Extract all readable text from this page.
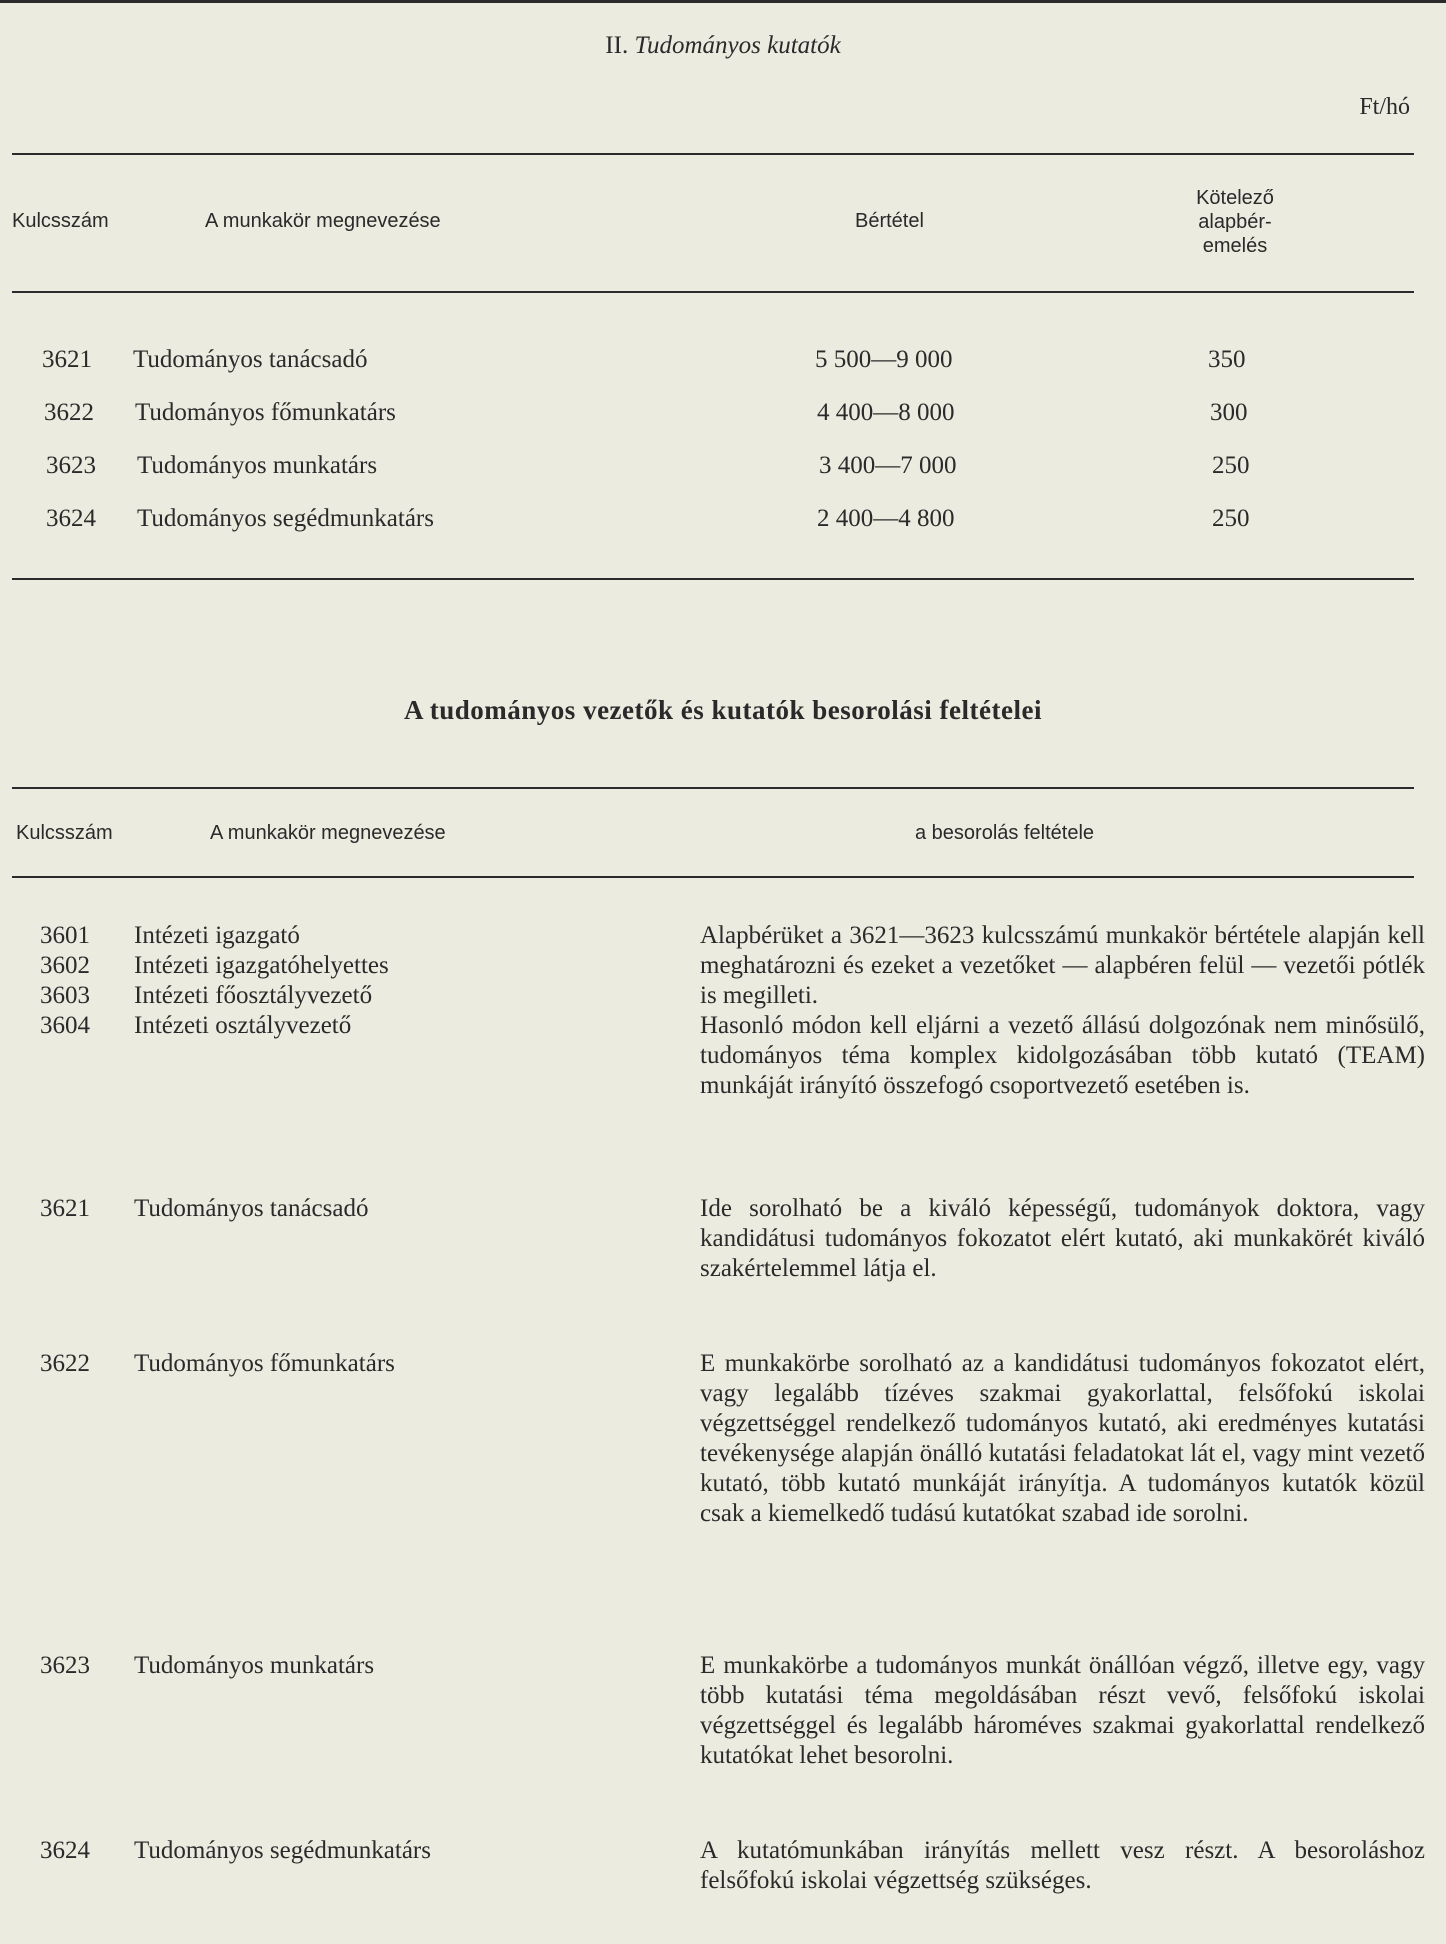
II. Tudományos kutatók
Ft/hó
Kulcsszám	A munkakör megnevezése	Bértétel
Kötelező
alapbér-
emelés
3621 Tudományos tanácsadó	5 500—9 000	350
3622 Tudományos főmunkatárs	4 400—8 000	300
3623 Tudományos munkatárs	3 400—7 000	250
3624 Tudományos segédmunkatárs	2 400—4 800	250
A tudományos vezetők és kutatók besorolási feltételei
Kulcsszám	A munkakör megnevezése	a besorolás feltétele
3601	Intézeti igazgató
3602	Intézeti igazgatóhelyettes
3603	Intézeti főosztályvezető
3604	Intézeti osztályvezető

Alapbérüket a 3621—3623 kulcsszámú munkakör bértétele alapján kell meghatározni és ezeket a vezetőket — alapbéren felül — vezetői pótlék is megilleti.

Hasonló módon kell eljárni a vezető állású dolgozónak nem minősülő, tudományos téma komplex kidolgozásában több kutató (TEAM) munkáját irányító összefogó csoportvezető esetében is.

3621	Tudományos tanácsadó	Ide sorolható be a kiváló képességű, tudományok doktora, vagy kandidátusi tudományos fokozatot elért kutató, aki munkakörét kiváló szakértelemmel látja el.

3622	Tudományos főmunkatárs	E munkakörbe sorolható az a kandidátusi tudományos fokozatot elért, vagy legalább tízéves szakmai gyakorlattal, felsőfokú iskolai végzettséggel rendelkező tudományos kutató, aki eredményes kutatási tevékenysége alapján önálló kutatási feladatokat lát el, vagy mint vezető kutató, több kutató munkáját irányítja. A tudományos kutatók közül csak a kiemelkedő tudású kutatókat szabad ide sorolni.

3623	Tudományos munkatárs	E munkakörbe a tudományos munkát önállóan végző, illetve egy, vagy több kutatási téma megoldásában részt vevő, felsőfokú iskolai végzettséggel és legalább hároméves szakmai gyakorlattal rendelkező kutatókat lehet besorolni.

3624	Tudományos segédmunkatárs	A kutatómunkában irányítás mellett vesz részt. A besoroláshoz felsőfokú iskolai végzettség szükséges.
